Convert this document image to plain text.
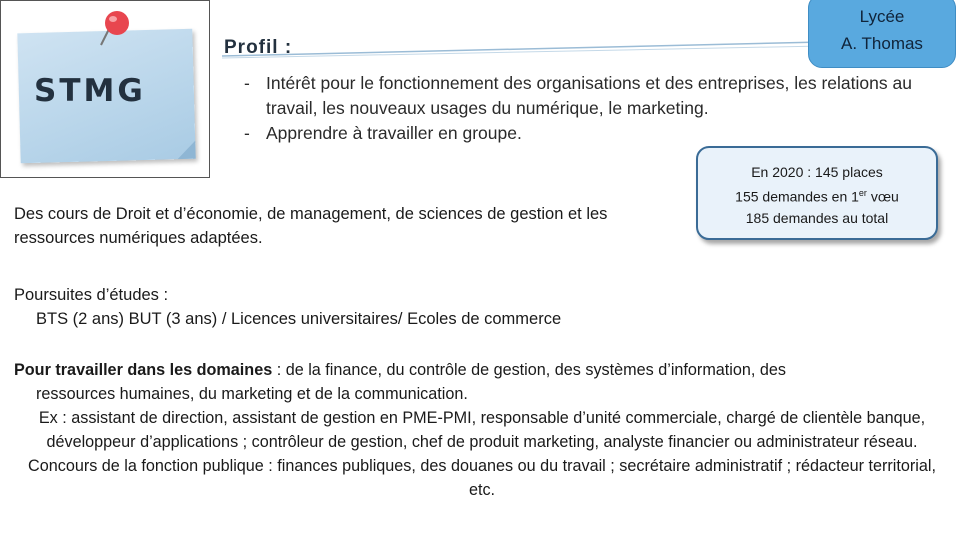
STMG
Profil :
Lycée
A. Thomas
- Intérêt pour le fonctionnement des organisations et des entreprises, les relations au travail, les nouveaux usages du numérique, le marketing.
- Apprendre à travailler en groupe.
En 2020 : 145 places
155 demandes en 1er vœu
185 demandes au total
Des cours de Droit et d’économie, de management, de sciences de gestion et les ressources numériques adaptées.
Poursuites d’études :
BTS (2 ans) BUT (3 ans) / Licences universitaires/ Ecoles de commerce
Pour travailler dans les domaines : de la finance, du contrôle de gestion, des systèmes d’information, des
ressources humaines, du marketing et de la communication.
Ex : assistant de direction, assistant de gestion en PME-PMI, responsable d’unité commerciale, chargé de clientèle banque, développeur d’applications ; contrôleur de gestion, chef de produit marketing, analyste financier ou administrateur réseau. Concours de la fonction publique : finances publiques, des douanes ou du travail ; secrétaire administratif ; rédacteur territorial, etc.
